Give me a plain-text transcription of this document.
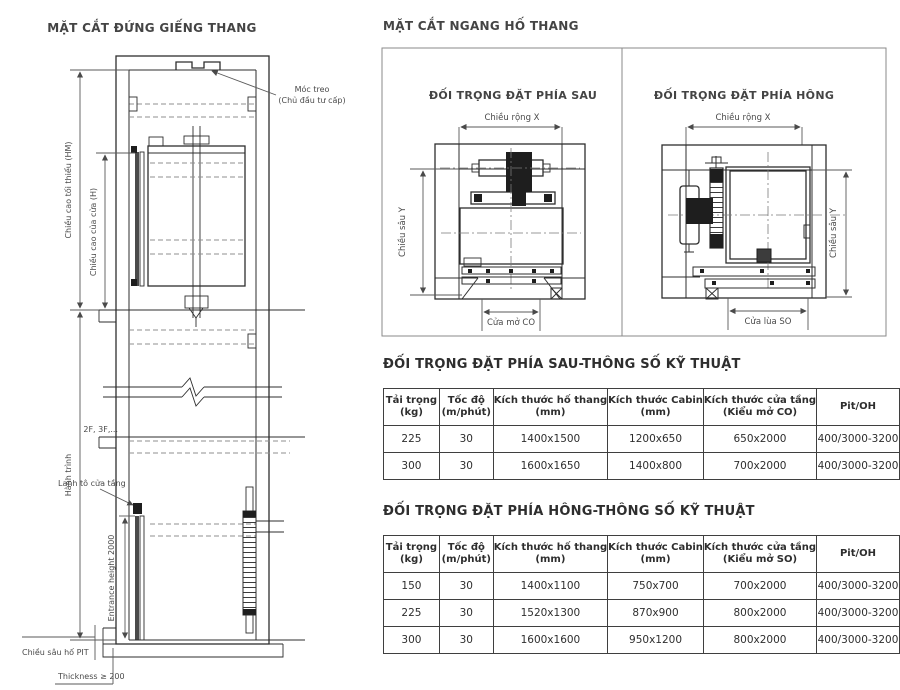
MẶT CẮT ĐỨNG GIẾNG THANG
Móc treo
(Chủ đầu tư cấp)
2F, 3F,...
Lanh tô cửa tầng
Entrance height 2000
Chiều sâu hố PIT
Thickness ≥ 200
Chiều cao tối thiểu (HM)
Hành trình
Chiều cao của cửa (H)
MẶT CẮT NGANG HỐ THANG
ĐỐI TRỌNG ĐẶT PHÍA SAU
Chiều rộng X
Cửa mở CO
Chiều sâu Y
ĐỐI TRỌNG ĐẶT PHÍA HÔNG
Chiều rộng X
Cửa lùa SO
Chiều sâu Y
ĐỐI TRỌNG ĐẶT PHÍA SAU-THÔNG SỐ KỸ THUẬT
Tải trọng
(kg)

Tốc độ
(m/phút)

Kích thước hố thang
(mm)

Kích thước Cabin
(mm)

Kích thước cửa tầng
(Kiểu mở CO)

Pit/OH

225	30	1400x1500	1200x650	650x2000	400/3000-3200
300	30	1600x1650	1400x800	700x2000	400/3000-3200
ĐỐI TRỌNG ĐẶT PHÍA HÔNG-THÔNG SỐ KỸ THUẬT
Tải trọng
(kg)

Tốc độ
(m/phút)

Kích thước hố thang
(mm)

Kích thước Cabin
(mm)

Kích thước cửa tầng
(Kiểu mở SO)

Pit/OH

150	30	1400x1100	750x700	700x2000	400/3000-3200
225	30	1520x1300	870x900	800x2000	400/3000-3200
300	30	1600x1600	950x1200	800x2000	400/3000-3200
